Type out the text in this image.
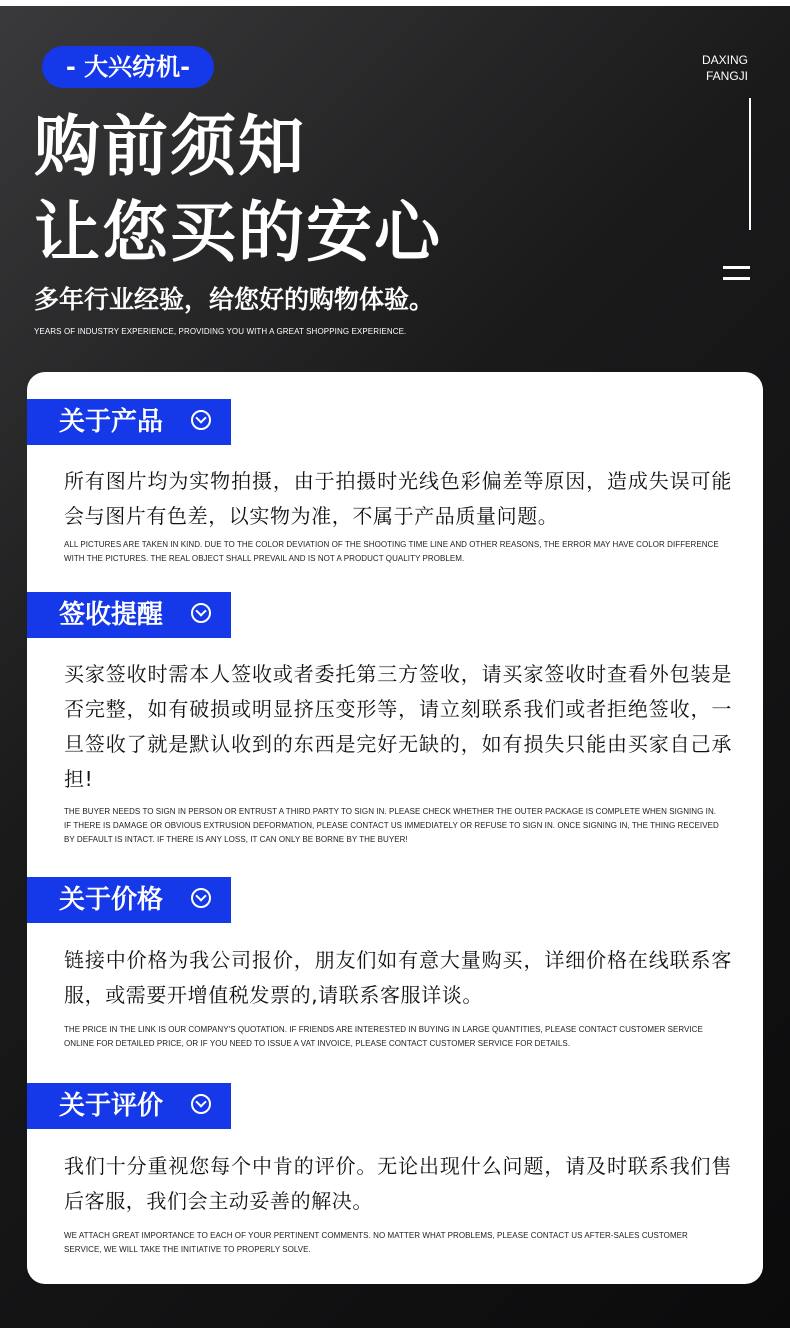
- 大兴纺机-	DAXING
FANGJI
购前须知
让您买的安心
多年行业经验，给您好的购物体验。
YEARS OF INDUSTRY EXPERIENCE, PROVIDING YOU WITH A GREAT SHOPPING EXPERIENCE.
关于产品
所有图片均为实物拍摄，由于拍摄时光线色彩偏差等原因，造成失误可能会与图片有色差，以实物为准，不属于产品质量问题。
ALL PICTURES ARE TAKEN IN KIND. DUE TO THE COLOR DEVIATION OF THE SHOOTING TIME LINE AND OTHER REASONS, THE ERROR MAY HAVE COLOR DIFFERENCE WITH THE PICTURES. THE REAL OBJECT SHALL PREVAIL AND IS NOT A PRODUCT QUALITY PROBLEM.
签收提醒
买家签收时需本人签收或者委托第三方签收，请买家签收时查看外包装是否完整，如有破损或明显挤压变形等，请立刻联系我们或者拒绝签收，一旦签收了就是默认收到的东西是完好无缺的，如有损失只能由买家自己承担!
THE BUYER NEEDS TO SIGN IN PERSON OR ENTRUST A THIRD PARTY TO SIGN IN. PLEASE CHECK WHETHER THE OUTER PACKAGE IS COMPLETE WHEN SIGNING IN. IF THERE IS DAMAGE OR OBVIOUS EXTRUSION DEFORMATION, PLEASE CONTACT US IMMEDIATELY OR REFUSE TO SIGN IN. ONCE SIGNING IN, THE THING RECEIVED BY DEFAULT IS INTACT. IF THERE IS ANY LOSS, IT CAN ONLY BE BORNE BY THE BUYER!
关于价格
链接中价格为我公司报价，朋友们如有意大量购买，详细价格在线联系客服，或需要开增值税发票的,请联系客服详谈。
THE PRICE IN THE LINK IS OUR COMPANY'S QUOTATION. IF FRIENDS ARE INTERESTED IN BUYING IN LARGE QUANTITIES, PLEASE CONTACT CUSTOMER SERVICE ONLINE FOR DETAILED PRICE, OR IF YOU NEED TO ISSUE A VAT INVOICE, PLEASE CONTACT CUSTOMER SERVICE FOR DETAILS.
关于评价
我们十分重视您每个中肯的评价。无论出现什么问题，请及时联系我们售后客服，我们会主动妥善的解决。
WE ATTACH GREAT IMPORTANCE TO EACH OF YOUR PERTINENT COMMENTS. NO MATTER WHAT PROBLEMS, PLEASE CONTACT US AFTER-SALES CUSTOMER SERVICE, WE WILL TAKE THE INITIATIVE TO PROPERLY SOLVE.
